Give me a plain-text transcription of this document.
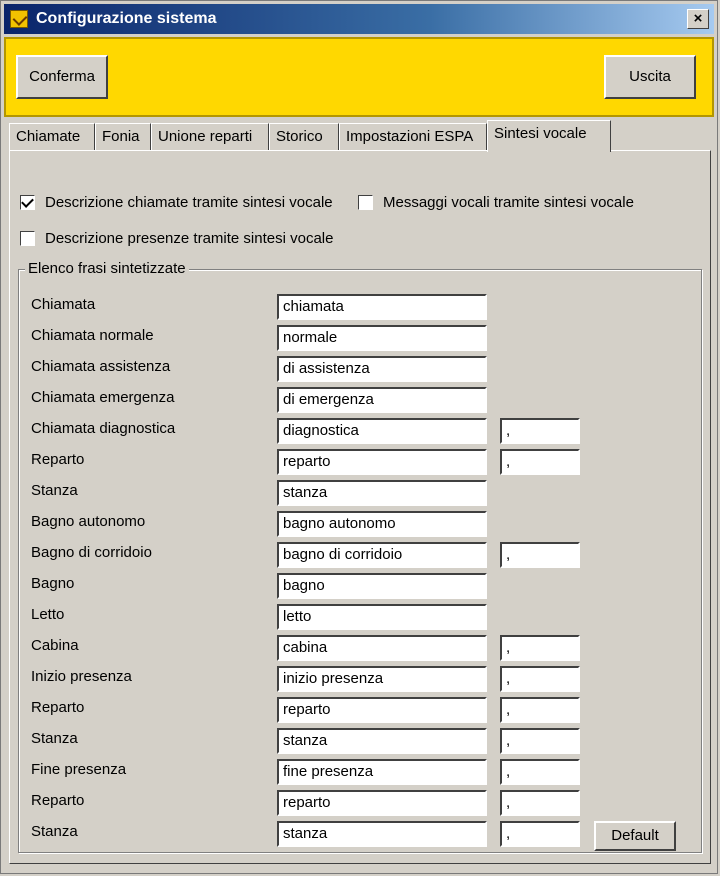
Configurazione sistema	×
Conferma	Uscita
Chiamate	Fonia	Unione reparti	Storico	Impostazioni ESPA	Sintesi vocale
Descrizione chiamate tramite sintesi vocale	Messaggi vocali tramite sintesi vocale
Descrizione presenze tramite sintesi vocale
Elenco frasi sintetizzate
Chiamata	chiamata
Chiamata normale	normale
Chiamata assistenza	di assistenza
Chiamata emergenza	di emergenza
Chiamata diagnostica	diagnostica	,
Reparto	reparto	,
Stanza	stanza
Bagno autonomo	bagno autonomo
Bagno di corridoio	bagno di corridoio	,
Bagno	bagno
Letto	letto
Cabina	cabina	,
Inizio presenza	inizio presenza	,
Reparto	reparto	,
Stanza	stanza	,
Fine presenza	fine presenza	,
Reparto	reparto	,
Stanza	stanza	,	Default
